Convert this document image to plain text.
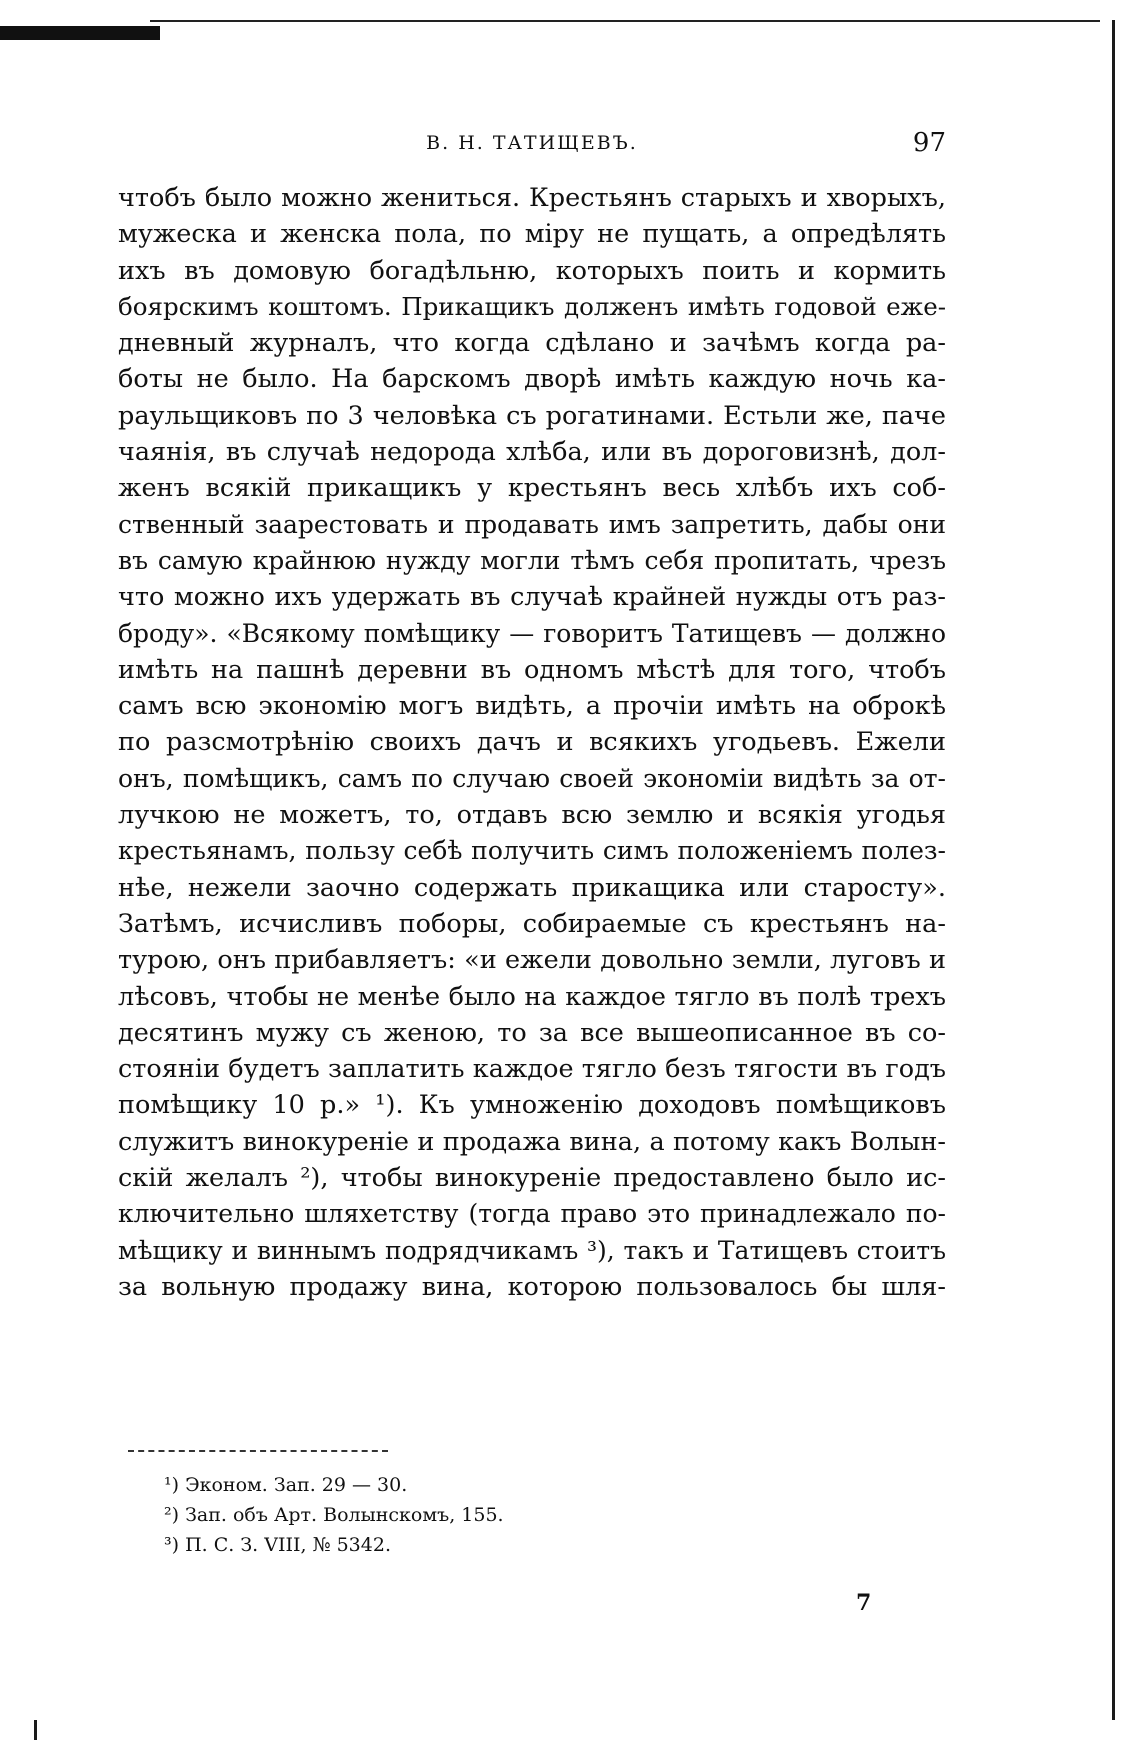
В. Н. ТАТИЩЕВЪ.	97
чтобъ было можно жениться. Крестьянъ старыхъ и хворыхъ,
мужеска и женска пола, по міру не пущать, а опредѣлять
ихъ въ домовую богадѣльню, которыхъ поить и кормить
боярскимъ коштомъ. Прикащикъ долженъ имѣть годовой еже-
дневный журналъ, что когда сдѣлано и зачѣмъ когда ра-
боты не было. На барскомъ дворѣ имѣть каждую ночь ка-
раульщиковъ по 3 человѣка съ рогатинами. Естьли же, паче
чаянія, въ случаѣ недорода хлѣба, или въ дороговизнѣ, дол-
женъ всякій прикащикъ у крестьянъ весь хлѣбъ ихъ соб-
ственный заарестовать и продавать имъ запретить, дабы они
въ самую крайнюю нужду могли тѣмъ себя пропитать, чрезъ
что можно ихъ удержать въ случаѣ крайней нужды отъ раз-
броду». «Всякому помѣщику — говоритъ Татищевъ — должно
имѣть на пашнѣ деревни въ одномъ мѣстѣ для того, чтобъ
самъ всю экономію могъ видѣть, а прочіи имѣть на оброкѣ
по разсмотрѣнію своихъ дачъ и всякихъ угодьевъ. Ежели
онъ, помѣщикъ, самъ по случаю своей экономіи видѣть за от-
лучкою не можетъ, то, отдавъ всю землю и всякія угодья
крестьянамъ, пользу себѣ получить симъ положеніемъ полез-
нѣе, нежели заочно содержать прикащика или старосту».
Затѣмъ, исчисливъ поборы, собираемые съ крестьянъ на-
турою, онъ прибавляетъ: «и ежели довольно земли, луговъ и
лѣсовъ, чтобы не менѣе было на каждое тягло въ полѣ трехъ
десятинъ мужу съ женою, то за все вышеописанное въ со-
стояніи будетъ заплатить каждое тягло безъ тягости въ годъ
помѣщику 10 р.» ¹). Къ умноженію доходовъ помѣщиковъ
служитъ винокуреніе и продажа вина, а потому какъ Волын-
скій желалъ ²), чтобы винокуреніе предоставлено было ис-
ключительно шляхетству (тогда право это принадлежало по-
мѣщику и виннымъ подрядчикамъ ³), такъ и Татищевъ стоитъ
за вольную продажу вина, которою пользовалось бы шля-
¹) Эконом. Зап. 29 — 30.
²) Зап. объ Арт. Волынскомъ, 155.
³) П. С. З. VIII, № 5342.
7
